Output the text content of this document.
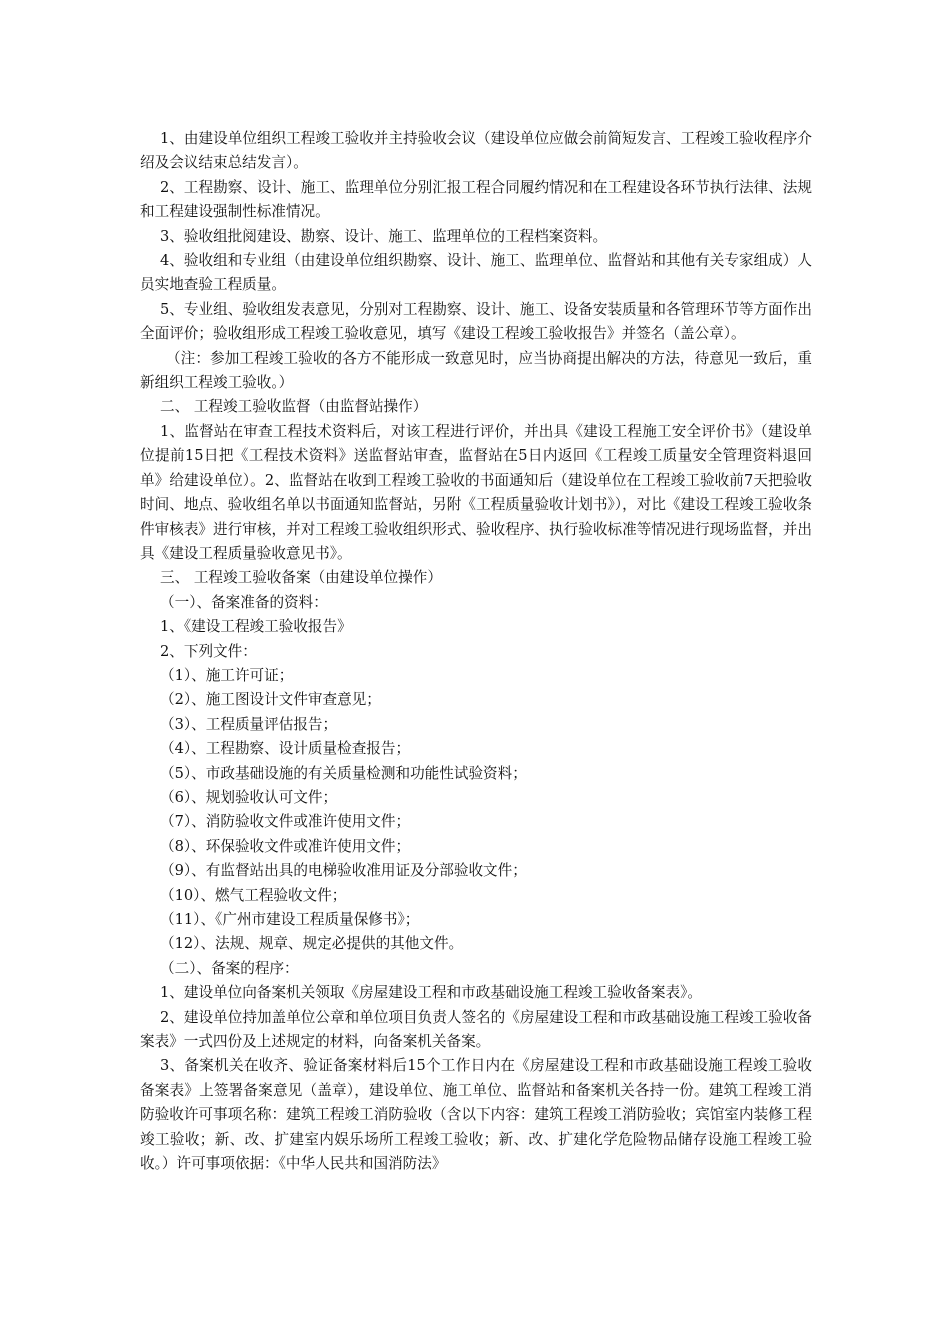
1、由建设单位组织工程竣工验收并主持验收会议（建设单位应做会前简短发言、工程竣工验收程序介绍及会议结束总结发言）。

2、工程勘察、设计、施工、监理单位分别汇报工程合同履约情况和在工程建设各环节执行法律、法规和工程建设强制性标准情况。

3、验收组批阅建设、勘察、设计、施工、监理单位的工程档案资料。

4、验收组和专业组（由建设单位组织勘察、设计、施工、监理单位、监督站和其他有关专家组成）人员实地查验工程质量。

5、专业组、验收组发表意见，分别对工程勘察、设计、施工、设备安装质量和各管理环节等方面作出全面评价；验收组形成工程竣工验收意见，填写《建设工程竣工验收报告》并签名（盖公章）。

（注：参加工程竣工验收的各方不能形成一致意见时，应当协商提出解决的方法，待意见一致后，重新组织工程竣工验收。）

二、 工程竣工验收监督（由监督站操作）

1、监督站在审查工程技术资料后，对该工程进行评价，并出具《建设工程施工安全评价书》（建设单位提前15日把《工程技术资料》送监督站审查，监督站在5日内返回《工程竣工质量安全管理资料退回单》给建设单位）。2、监督站在收到工程竣工验收的书面通知后（建设单位在工程竣工验收前7天把验收时间、地点、验收组名单以书面通知监督站，另附《工程质量验收计划书》），对比《建设工程竣工验收条件审核表》进行审核，并对工程竣工验收组织形式、验收程序、执行验收标准等情况进行现场监督，并出具《建设工程质量验收意见书》。

三、 工程竣工验收备案（由建设单位操作）

（一）、备案准备的资料：

1、《建设工程竣工验收报告》

2、下列文件：

（1）、施工许可证；

（2）、施工图设计文件审查意见；

（3）、工程质量评估报告；

（4）、工程勘察、设计质量检查报告；

（5）、市政基础设施的有关质量检测和功能性试验资料；

（6）、规划验收认可文件；

（7）、消防验收文件或准许使用文件；

（8）、环保验收文件或准许使用文件；

（9）、有监督站出具的电梯验收准用证及分部验收文件；

（10）、燃气工程验收文件；

（11）、《广州市建设工程质量保修书》；

（12）、法规、规章、规定必提供的其他文件。

（二）、备案的程序：

1、建设单位向备案机关领取《房屋建设工程和市政基础设施工程竣工验收备案表》。

2、建设单位持加盖单位公章和单位项目负责人签名的《房屋建设工程和市政基础设施工程竣工验收备案表》一式四份及上述规定的材料，向备案机关备案。

3、备案机关在收齐、验证备案材料后15个工作日内在《房屋建设工程和市政基础设施工程竣工验收备案表》上签署备案意见（盖章），建设单位、施工单位、监督站和备案机关各持一份。建筑工程竣工消防验收许可事项名称：建筑工程竣工消防验收（含以下内容：建筑工程竣工消防验收；宾馆室内装修工程竣工验收；新、改、扩建室内娱乐场所工程竣工验收；新、改、扩建化学危险物品储存设施工程竣工验收。）许可事项依据：《中华人民共和国消防法》
